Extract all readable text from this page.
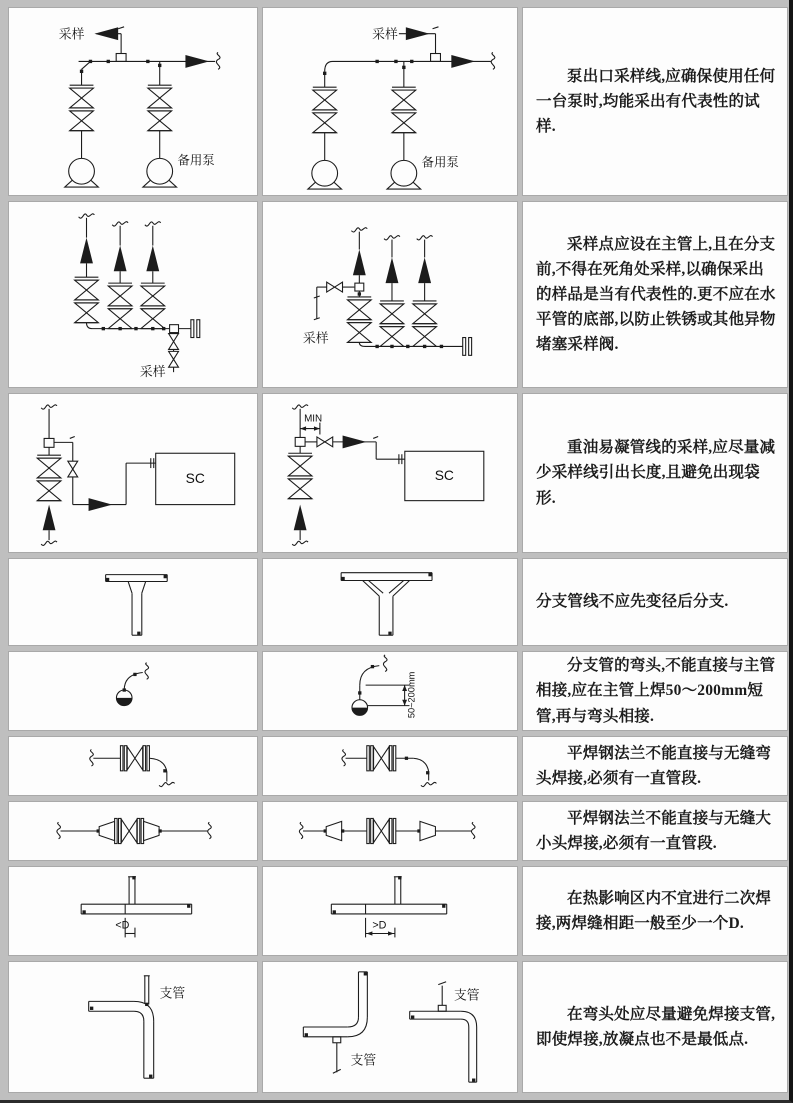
采样
备用泵
采样
备用泵

泵出口采样线,应确保使用任何一台泵时,均能采出有代表性的试样.

采样
采样

采样点应设在主管上,且在分支前,不得在死角处采样,以确保采出的样品是当有代表性的.更不应在水平管的底部,以防止铁锈或其他异物堵塞采样阀.

SC
MIN
SC

重油易凝管线的采样,应尽量减少采样线引出长度,且避免出现袋形.

分支管线不应先变径后分支.

50~200mm

分支管的弯头,不能直接与主管相接,应在主管上焊50～200mm短管,再与弯头相接.

平焊钢法兰不能直接与无缝弯头焊接,必须有一直管段.

平焊钢法兰不能直接与无缝大小头焊接,必须有一直管段.

<D	>D

在热影响区内不宜进行二次焊接,两焊缝相距一般至少一个D.

支管
支管
支管

在弯头处应尽量避免焊接支管,即使焊接,放凝点也不是最低点.
